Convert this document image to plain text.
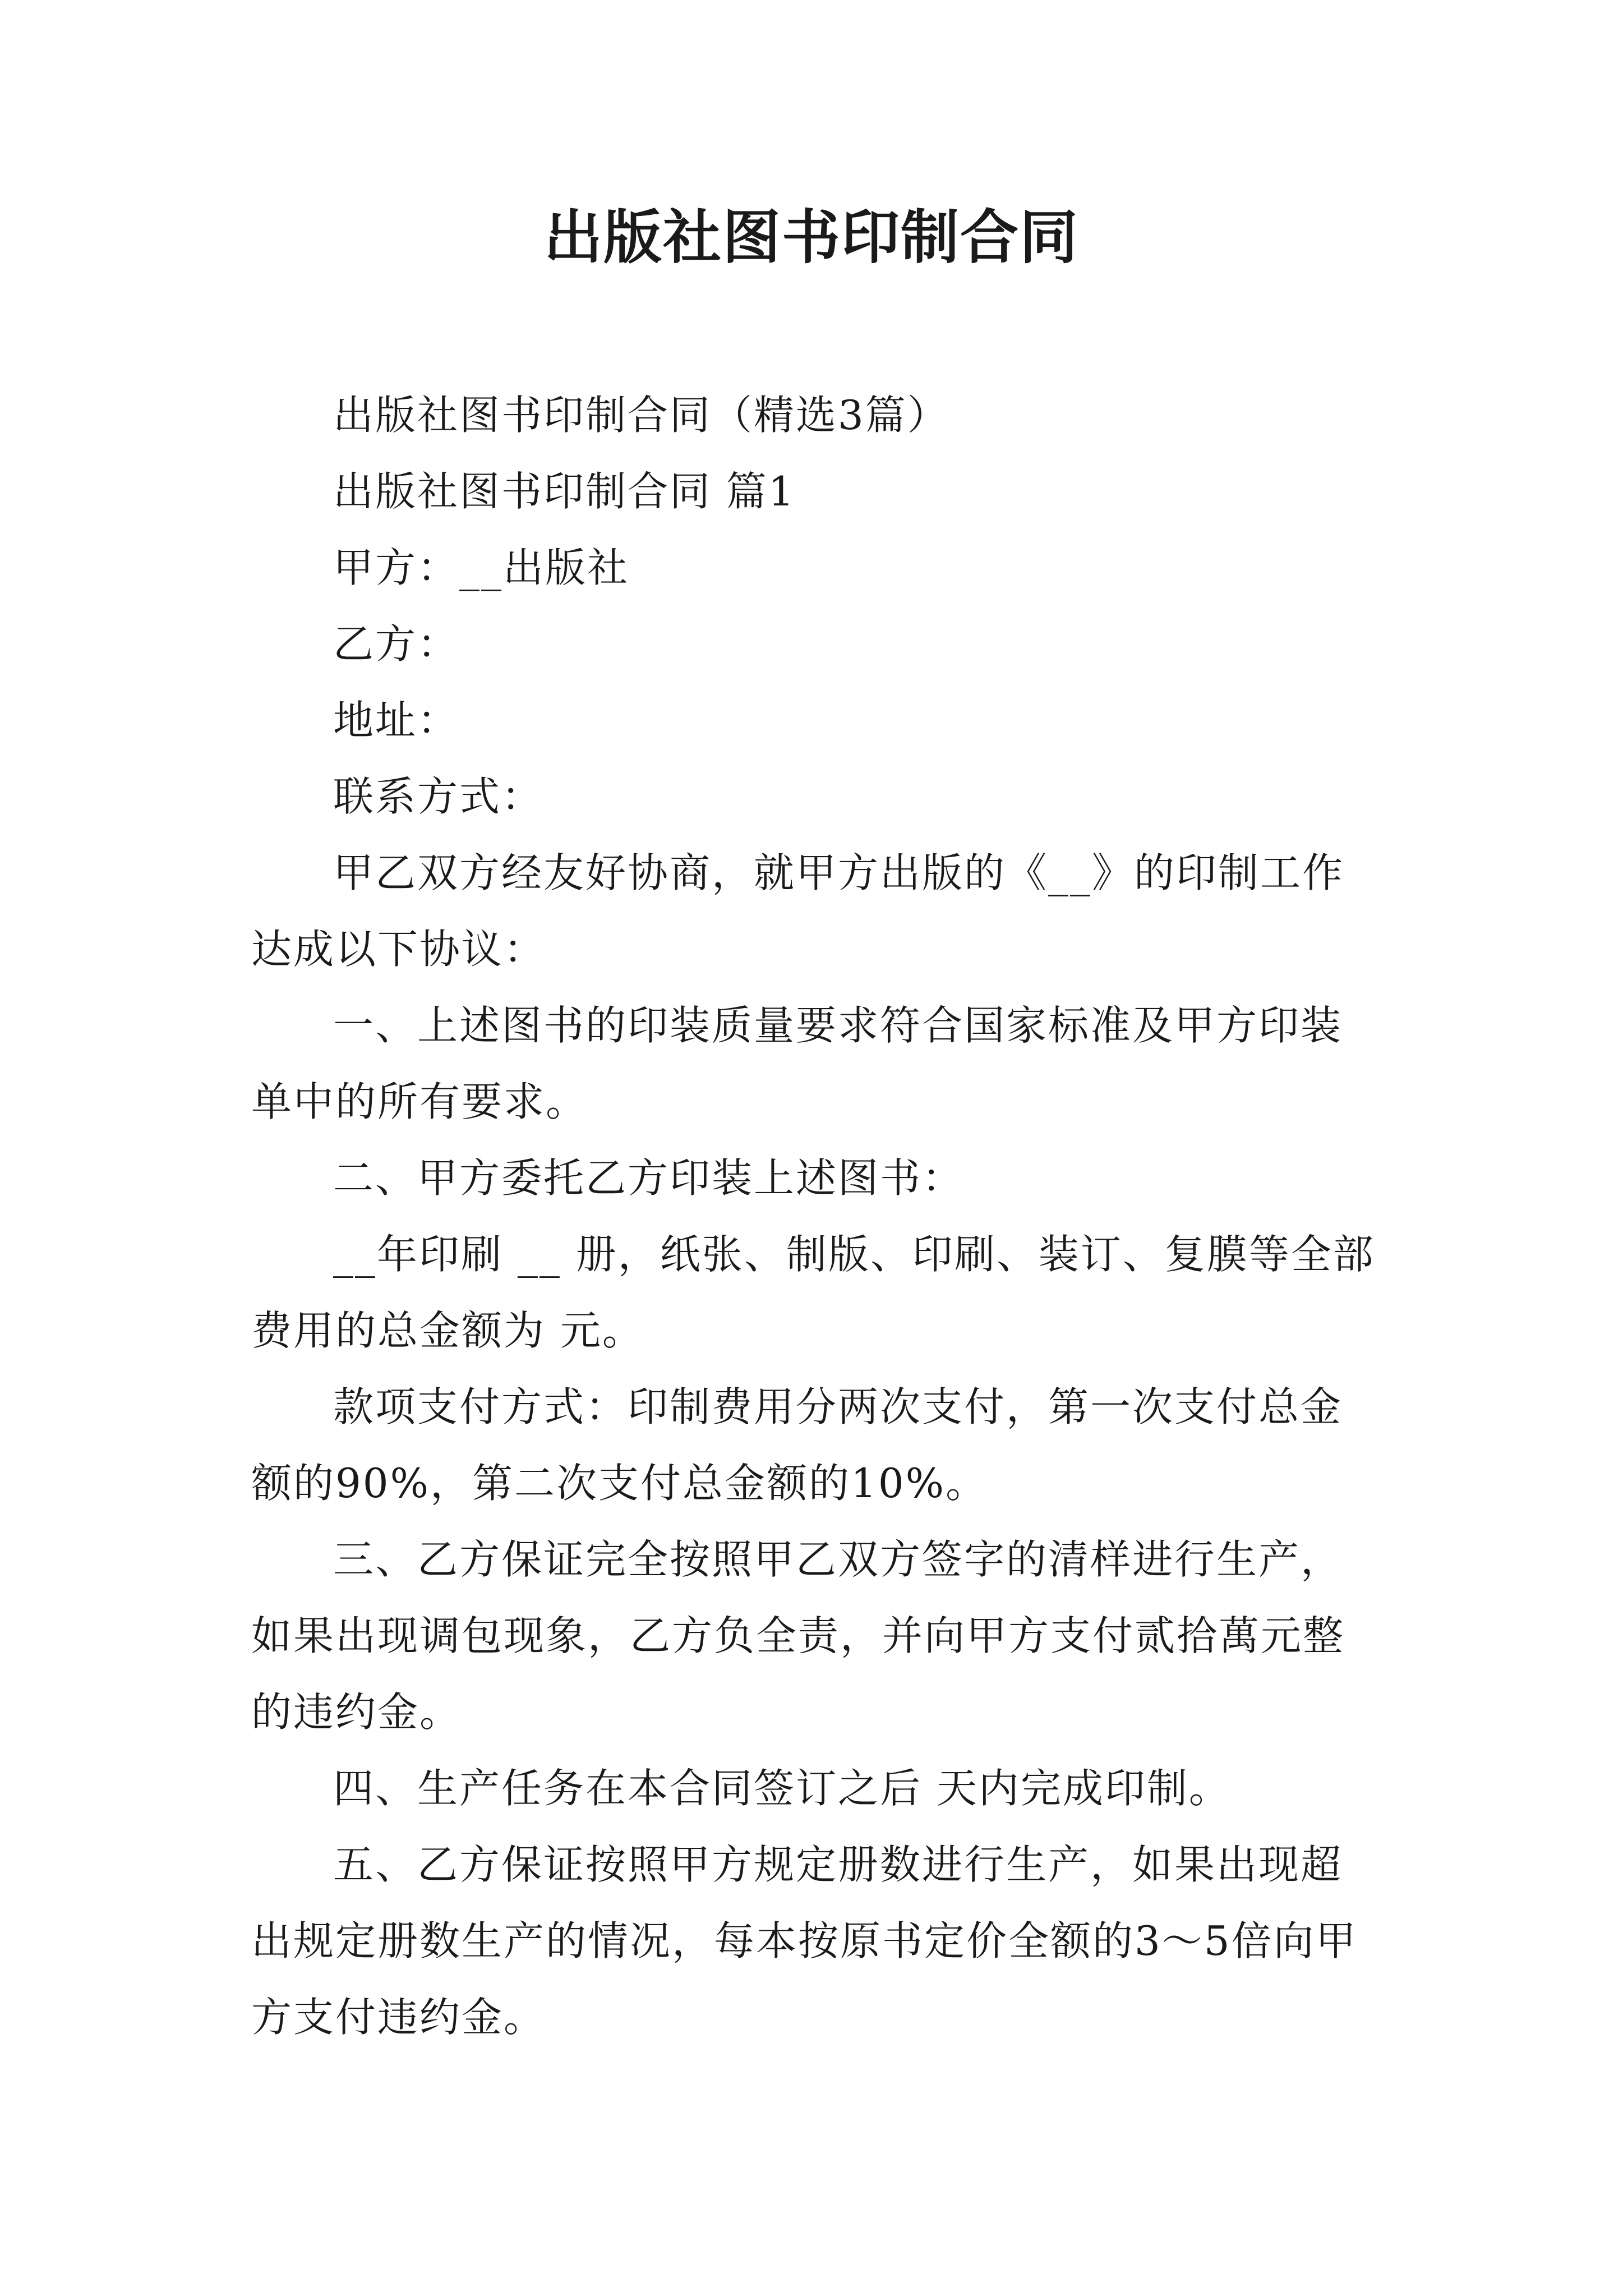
出版社图书印制合同

出版社图书印制合同（精选3篇）

出版社图书印制合同 篇1

甲方：__出版社

乙方：

地址：

联系方式：

甲乙双方经友好协商，就甲方出版的《__》的印制工作达成以下协议：

一、上述图书的印装质量要求符合国家标准及甲方印装单中的所有要求。

二、甲方委托乙方印装上述图书：

__年印刷 __ 册，纸张、制版、印刷、装订、复膜等全部费用的总金额为 元。

款项支付方式：印制费用分两次支付，第一次支付总金额的90%，第二次支付总金额的10%。

三、乙方保证完全按照甲乙双方签字的清样进行生产，如果出现调包现象，乙方负全责，并向甲方支付贰拾萬元整的违约金。

四、生产任务在本合同签订之后 天内完成印制。

五、乙方保证按照甲方规定册数进行生产，如果出现超出规定册数生产的情况，每本按原书定价全额的3～5倍向甲方支付违约金。
